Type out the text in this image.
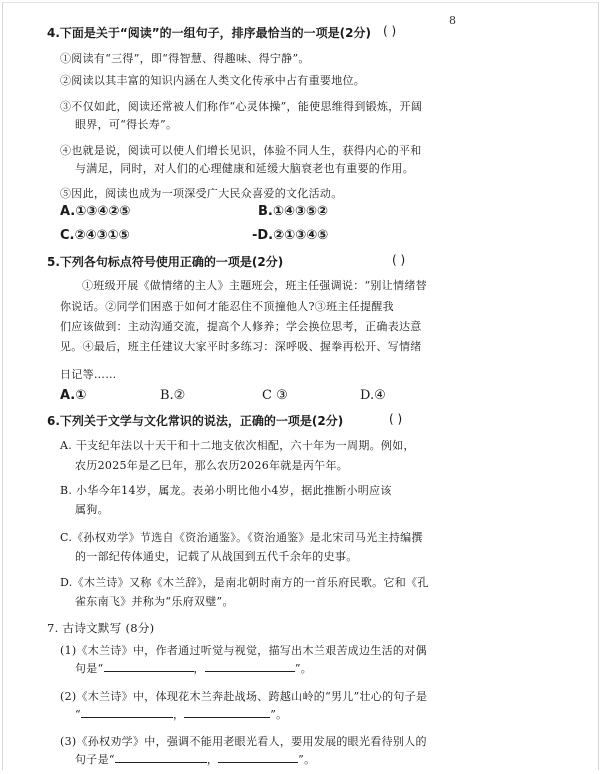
8
4.下面是关于“阅读”的一组句子，排序最恰当的一项是(2分) ( )
①阅读有“三得”，即“得智慧、得趣味、得宁静”。
②阅读以其丰富的知识内涵在人类文化传承中占有重要地位。
③不仅如此，阅读还常被人们称作“心灵体操”，能使思维得到锻炼，开阔
眼界，可“得长寿”。
④也就是说，阅读可以使人们增长见识，体验不同人生，获得内心的平和
与满足，同时，对人们的心理健康和延缓大脑衰老也有重要的作用。
⑤因此，阅读也成为一项深受广大民众喜爱的文化活动。
A.①③④②⑤	B.①④③⑤②
C.②④③①⑤	-D.②①③④⑤
5.下列各句标点符号使用正确的一项是(2分)	( )
①班级开展《做情绪的主人》主题班会，班主任强调说：“别让情绪替
你说话。②同学们困惑于如何才能忍住不顶撞他人?③班主任提醒我
们应该做到：主动沟通交流，提高个人修养；学会换位思考，正确表达意
见。④最后，班主任建议大家平时多练习：深呼吸、握拳再松开、写情绪
日记等……
A.①	B.②	C ③	D.④
6.下列关于文学与文化常识的说法，正确的一项是(2分)	( )
A. 干支纪年法以十天干和十二地支依次相配，六十年为一周期。例如，
农历2025年是乙巳年，那么农历2026年就是丙午年。
B. 小华今年14岁，属龙。表弟小明比他小4岁，据此推断小明应该
属狗。
C.《孙权劝学》节选自《资治通鉴》。《资治通鉴》是北宋司马光主持编撰
的一部纪传体通史，记载了从战国到五代千余年的史事。
D.《木兰诗》又称《木兰辞》，是南北朝时南方的一首乐府民歌。它和《孔
雀东南飞》并称为“乐府双璧”。
7. 古诗文默写 (8分)
(1)《木兰诗》中，作者通过听觉与视觉，描写出木兰艰苦成边生活的对偶
句是“	，	”。
(2)《木兰诗》中，体现花木兰奔赴战场、跨越山岭的“男儿”壮心的句子是
“	，	”。
(3)《孙权劝学》中，强调不能用老眼光看人，要用发展的眼光看待别人的
句子是“	，	”。
